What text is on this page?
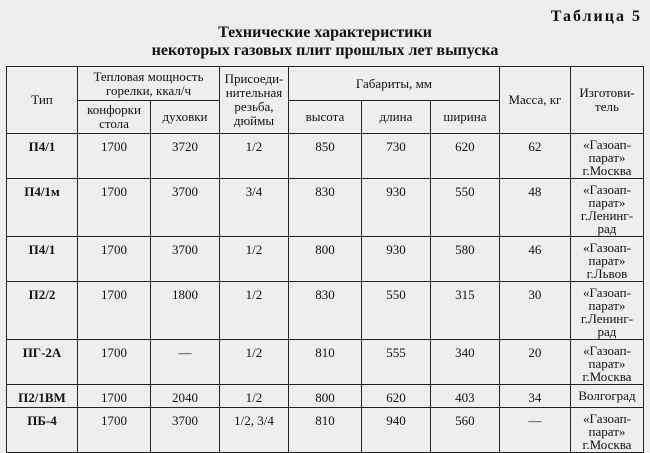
Таблица 5
Технические характеристики
некоторых газовых плит прошлых лет выпуска
Тип	Тепловая мощность горелки, ккал/ч		Присоеди-нительная резьба, дюймы	Габариты, мм			Масса, кг	Изготови-тель
	конфорки стола	духовки		высота	длина	ширина		
П4/1	1700	3720	1/2	850	730	620	62	«Газоап-
парат»
г.Москва

П4/1м	1700	3700	3/4	830	930	550	48	«Газоап-
парат»
г.Ленинг-
рад

П4/1	1700	3700	1/2	800	930	580	46	«Газоап-
парат»
г.Львов

П2/2	1700	1800	1/2	830	550	315	30	«Газоап-
парат»
г.Ленинг-
рад

ПГ-2А	1700	—	1/2	810	555	340	20	«Газоап-
парат»
г.Москва

П2/1ВМ	1700	2040	1/2	800	620	403	34	Волгоград

ПБ-4	1700	3700	1/2, 3/4	810	940	560	—	«Газоап-
парат»
г.Москва
